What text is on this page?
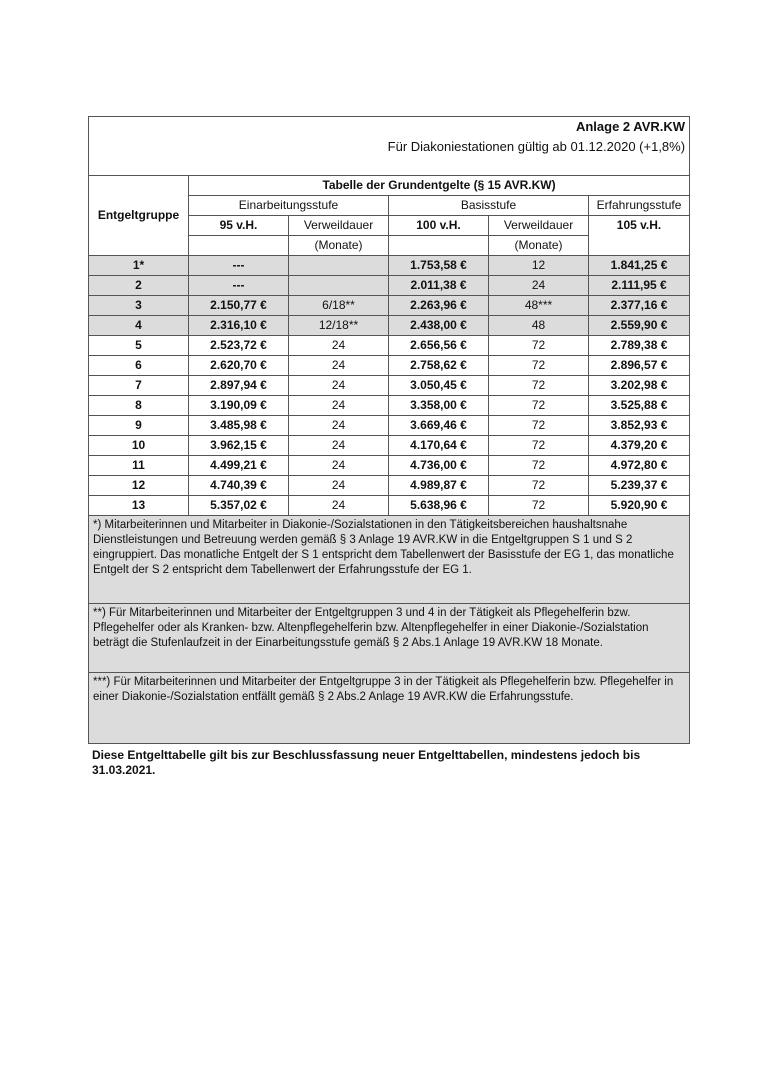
Anlage 2 AVR.KW					
Für Diakoniestationen gültig ab 01.12.2020 (+1,8%)					

Entgeltgruppe	Tabelle der Grundentgelte (§ 15 AVR.KW)				
	Einarbeitungsstufe		Basisstufe		Erfahrungsstufe
	95 v.H.	Verweildauer	100 v.H.	Verweildauer	105 v.H.
		(Monate)		(Monate)	
1*	---		1.753,58 €	12	1.841,25 €
2	---		2.011,38 €	24	2.111,95 €
3	2.150,77 €	6/18**	2.263,96 €	48***	2.377,16 €
4	2.316,10 €	12/18**	2.438,00 €	48	2.559,90 €
5	2.523,72 €	24	2.656,56 €	72	2.789,38 €
6	2.620,70 €	24	2.758,62 €	72	2.896,57 €
7	2.897,94 €	24	3.050,45 €	72	3.202,98 €
8	3.190,09 €	24	3.358,00 €	72	3.525,88 €
9	3.485,98 €	24	3.669,46 €	72	3.852,93 €
10	3.962,15 €	24	4.170,64 €	72	4.379,20 €
11	4.499,21 €	24	4.736,00 €	72	4.972,80 €
12	4.740,39 €	24	4.989,87 €	72	5.239,37 €
13	5.357,02 €	24	5.638,96 €	72	5.920,90 €
*) Mitarbeiterinnen und Mitarbeiter in Diakonie-/Sozialstationen in den Tätigkeitsbereichen haushaltsnahe Dienstleistungen und Betreuung werden gemäß § 3 Anlage 19 AVR.KW in die Entgeltgruppen S 1 und S 2 eingruppiert. Das monatliche Entgelt der S 1 entspricht dem Tabellenwert der Basisstufe der EG 1, das monatliche Entgelt der S 2 entspricht dem Tabellenwert der Erfahrungsstufe der EG 1.					
**) Für Mitarbeiterinnen und Mitarbeiter der Entgeltgruppen 3 und 4 in der Tätigkeit als Pflegehelferin bzw. Pflegehelfer oder als Kranken- bzw. Altenpflegehelferin bzw. Altenpflegehelfer in einer Diakonie-/Sozialstation beträgt die Stufenlaufzeit in der Einarbeitungsstufe gemäß § 2 Abs.1 Anlage 19 AVR.KW 18 Monate.					
***) Für Mitarbeiterinnen und Mitarbeiter der Entgeltgruppe 3 in der Tätigkeit als Pflegehelferin bzw. Pflegehelfer in einer Diakonie-/Sozialstation entfällt gemäß § 2 Abs.2 Anlage 19 AVR.KW die Erfahrungsstufe.					
Diese Entgelttabelle gilt bis zur Beschlussfassung neuer Entgelttabellen, mindestens jedoch bis 31.03.2021.
